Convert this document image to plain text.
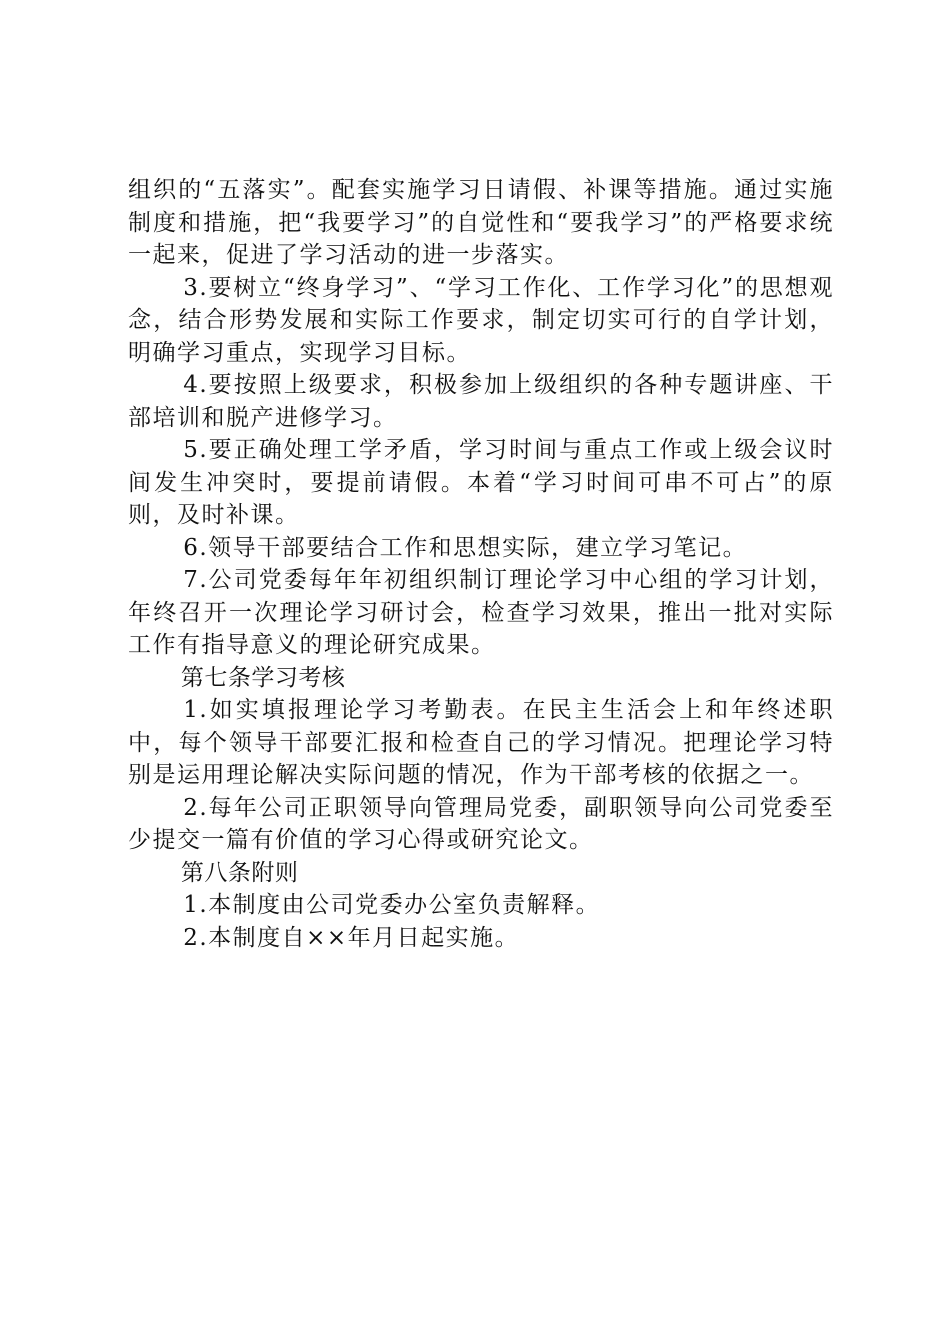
组织的“五落实”。配套实施学习日请假、补课等措施。通过实施制度和措施，把“我要学习”的自觉性和“要我学习”的严格要求统一起来，促进了学习活动的进一步落实。

3.要树立“终身学习”、“学习工作化、工作学习化”的思想观念，结合形势发展和实际工作要求，制定切实可行的自学计划，明确学习重点，实现学习目标。

4.要按照上级要求，积极参加上级组织的各种专题讲座、干部培训和脱产进修学习。

5.要正确处理工学矛盾，学习时间与重点工作或上级会议时间发生冲突时，要提前请假。本着“学习时间可串不可占”的原则，及时补课。

6.领导干部要结合工作和思想实际，建立学习笔记。

7.公司党委每年年初组织制订理论学习中心组的学习计划，年终召开一次理论学习研讨会，检查学习效果，推出一批对实际工作有指导意义的理论研究成果。

第七条学习考核

1.如实填报理论学习考勤表。在民主生活会上和年终述职中，每个领导干部要汇报和检查自己的学习情况。把理论学习特别是运用理论解决实际问题的情况，作为干部考核的依据之一。

2.每年公司正职领导向管理局党委，副职领导向公司党委至少提交一篇有价值的学习心得或研究论文。

第八条附则

1.本制度由公司党委办公室负责解释。

2.本制度自××年月日起实施。
